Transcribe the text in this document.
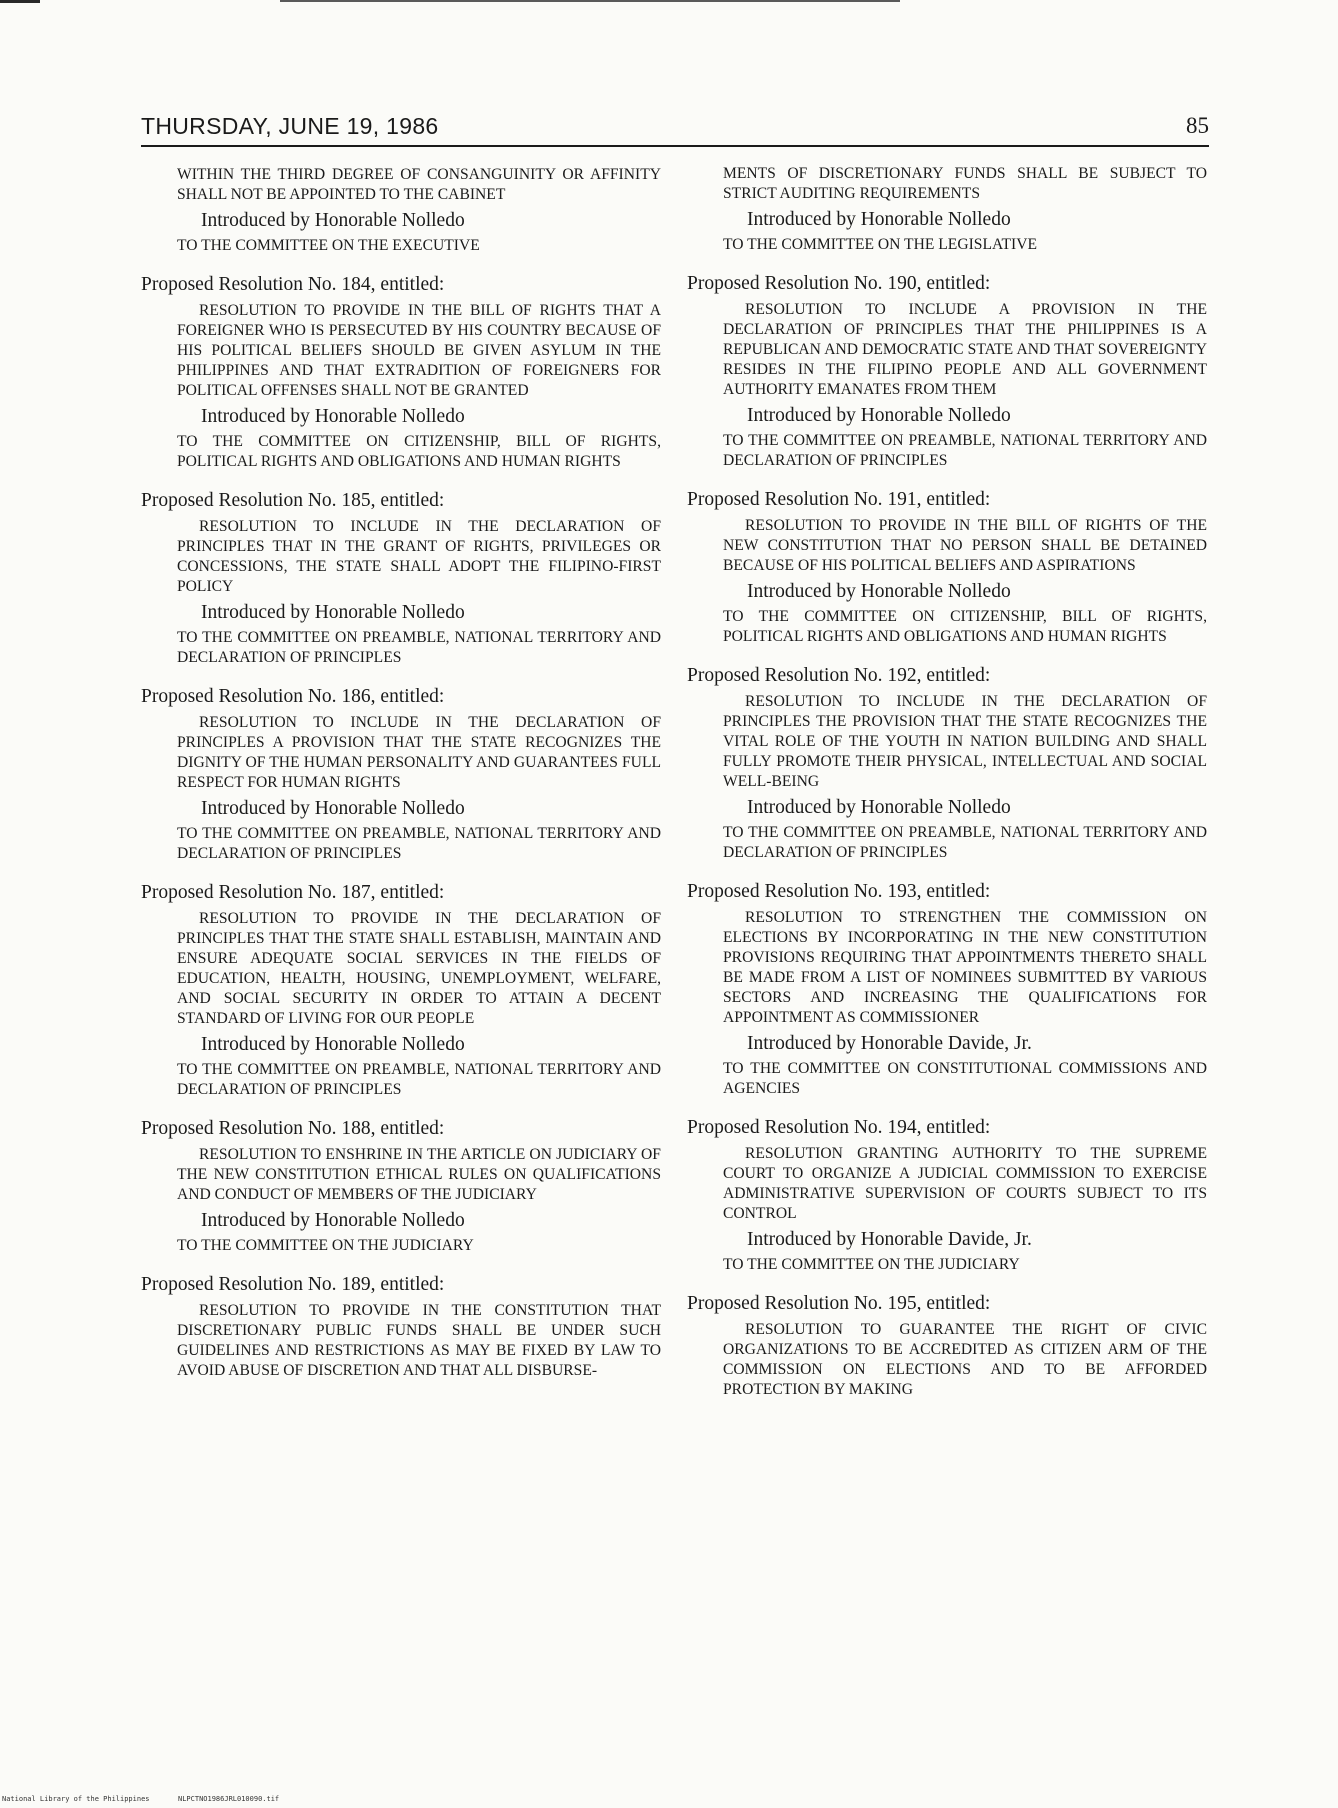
THURSDAY, JUNE 19, 1986	85

WITHIN THE THIRD DEGREE OF CONSANGUINITY OR AFFINITY SHALL NOT BE APPOINTED TO THE CABINET

Introduced by Honorable Nolledo

TO THE COMMITTEE ON THE EXECUTIVE

Proposed Resolution No. 184, entitled:

RESOLUTION TO PROVIDE IN THE BILL OF RIGHTS THAT A FOREIGNER WHO IS PERSECUTED BY HIS COUNTRY BECAUSE OF HIS POLITICAL BELIEFS SHOULD BE GIVEN ASYLUM IN THE PHILIPPINES AND THAT EXTRADITION OF FOREIGNERS FOR POLITICAL OFFENSES SHALL NOT BE GRANTED

Introduced by Honorable Nolledo

TO THE COMMITTEE ON CITIZENSHIP, BILL OF RIGHTS, POLITICAL RIGHTS AND OBLIGATIONS AND HUMAN RIGHTS

Proposed Resolution No. 185, entitled:

RESOLUTION TO INCLUDE IN THE DECLARATION OF PRINCIPLES THAT IN THE GRANT OF RIGHTS, PRIVILEGES OR CONCESSIONS, THE STATE SHALL ADOPT THE FILIPINO-FIRST POLICY

Introduced by Honorable Nolledo

TO THE COMMITTEE ON PREAMBLE, NATIONAL TERRITORY AND DECLARATION OF PRINCIPLES

Proposed Resolution No. 186, entitled:

RESOLUTION TO INCLUDE IN THE DECLARATION OF PRINCIPLES A PROVISION THAT THE STATE RECOGNIZES THE DIGNITY OF THE HUMAN PERSONALITY AND GUARANTEES FULL RESPECT FOR HUMAN RIGHTS

Introduced by Honorable Nolledo

TO THE COMMITTEE ON PREAMBLE, NATIONAL TERRITORY AND DECLARATION OF PRINCIPLES

Proposed Resolution No. 187, entitled:

RESOLUTION TO PROVIDE IN THE DECLARATION OF PRINCIPLES THAT THE STATE SHALL ESTABLISH, MAINTAIN AND ENSURE ADEQUATE SOCIAL SERVICES IN THE FIELDS OF EDUCATION, HEALTH, HOUSING, UNEMPLOYMENT, WELFARE, AND SOCIAL SECURITY IN ORDER TO ATTAIN A DECENT STANDARD OF LIVING FOR OUR PEOPLE

Introduced by Honorable Nolledo

TO THE COMMITTEE ON PREAMBLE, NATIONAL TERRITORY AND DECLARATION OF PRINCIPLES

Proposed Resolution No. 188, entitled:

RESOLUTION TO ENSHRINE IN THE ARTICLE ON JUDICIARY OF THE NEW CONSTITUTION ETHICAL RULES ON QUALIFICATIONS AND CONDUCT OF MEMBERS OF THE JUDICIARY

Introduced by Honorable Nolledo

TO THE COMMITTEE ON THE JUDICIARY

Proposed Resolution No. 189, entitled:

RESOLUTION TO PROVIDE IN THE CONSTITUTION THAT DISCRETIONARY PUBLIC FUNDS SHALL BE UNDER SUCH GUIDELINES AND RESTRICTIONS AS MAY BE FIXED BY LAW TO AVOID ABUSE OF DISCRETION AND THAT ALL DISBURSE-

MENTS OF DISCRETIONARY FUNDS SHALL BE SUBJECT TO STRICT AUDITING REQUIREMENTS

Introduced by Honorable Nolledo

TO THE COMMITTEE ON THE LEGISLATIVE

Proposed Resolution No. 190, entitled:

RESOLUTION TO INCLUDE A PROVISION IN THE DECLARATION OF PRINCIPLES THAT THE PHILIPPINES IS A REPUBLICAN AND DEMOCRATIC STATE AND THAT SOVEREIGNTY RESIDES IN THE FILIPINO PEOPLE AND ALL GOVERNMENT AUTHORITY EMANATES FROM THEM

Introduced by Honorable Nolledo

TO THE COMMITTEE ON PREAMBLE, NATIONAL TERRITORY AND DECLARATION OF PRINCIPLES

Proposed Resolution No. 191, entitled:

RESOLUTION TO PROVIDE IN THE BILL OF RIGHTS OF THE NEW CONSTITUTION THAT NO PERSON SHALL BE DETAINED BECAUSE OF HIS POLITICAL BELIEFS AND ASPIRATIONS

Introduced by Honorable Nolledo

TO THE COMMITTEE ON CITIZENSHIP, BILL OF RIGHTS, POLITICAL RIGHTS AND OBLIGATIONS AND HUMAN RIGHTS

Proposed Resolution No. 192, entitled:

RESOLUTION TO INCLUDE IN THE DECLARATION OF PRINCIPLES THE PROVISION THAT THE STATE RECOGNIZES THE VITAL ROLE OF THE YOUTH IN NATION BUILDING AND SHALL FULLY PROMOTE THEIR PHYSICAL, INTELLECTUAL AND SOCIAL WELL-BEING

Introduced by Honorable Nolledo

TO THE COMMITTEE ON PREAMBLE, NATIONAL TERRITORY AND DECLARATION OF PRINCIPLES

Proposed Resolution No. 193, entitled:

RESOLUTION TO STRENGTHEN THE COMMISSION ON ELECTIONS BY INCORPORATING IN THE NEW CONSTITUTION PROVISIONS REQUIRING THAT APPOINTMENTS THERETO SHALL BE MADE FROM A LIST OF NOMINEES SUBMITTED BY VARIOUS SECTORS AND INCREASING THE QUALIFICATIONS FOR APPOINTMENT AS COMMISSIONER

Introduced by Honorable Davide, Jr.

TO THE COMMITTEE ON CONSTITUTIONAL COMMISSIONS AND AGENCIES

Proposed Resolution No. 194, entitled:

RESOLUTION GRANTING AUTHORITY TO THE SUPREME COURT TO ORGANIZE A JUDICIAL COMMISSION TO EXERCISE ADMINISTRATIVE SUPERVISION OF COURTS SUBJECT TO ITS CONTROL

Introduced by Honorable Davide, Jr.

TO THE COMMITTEE ON THE JUDICIARY

Proposed Resolution No. 195, entitled:

RESOLUTION TO GUARANTEE THE RIGHT OF CIVIC ORGANIZATIONS TO BE ACCREDITED AS CITIZEN ARM OF THE COMMISSION ON ELECTIONS AND TO BE AFFORDED PROTECTION BY MAKING

National Library of the Philippines	NLPCTNO1986JRL010090.tif
